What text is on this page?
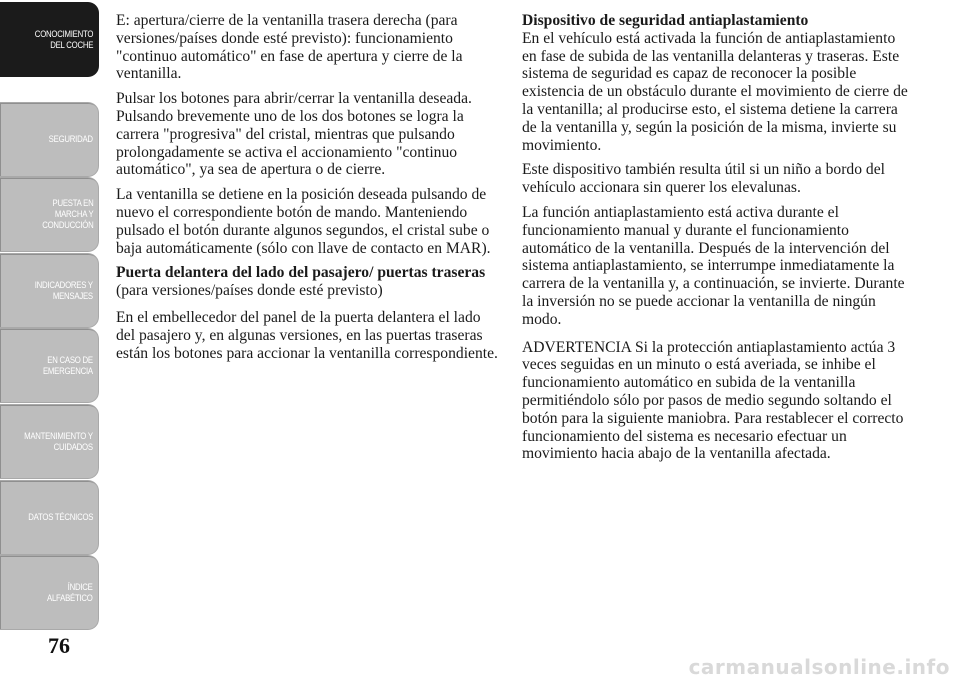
CONOCIMIENTO
DEL COCHE
SEGURIDAD
PUESTA EN
MARCHA Y
CONDUCCIÓN
INDICADORES Y
MENSAJES
EN CASO DE
EMERGENCIA
MANTENIMIENTO Y
CUIDADOS
DATOS TÉCNICOS
ÍNDICE
ALFABÉTICO
76

E: apertura/cierre de la ventanilla trasera derecha (para versiones/países donde esté previsto): funcionamiento "continuo automático" en fase de apertura y cierre de la ventanilla.

Pulsar los botones para abrir/cerrar la ventanilla deseada. Pulsando brevemente uno de los dos botones se logra la carrera "progresiva" del cristal, mientras que pulsando prolongadamente se activa el accionamiento "continuo automático", ya sea de apertura o de cierre.

La ventanilla se detiene en la posición deseada pulsando de nuevo el correspondiente botón de mando. Manteniendo pulsado el botón durante algunos segundos, el cristal sube o baja automáticamente (sólo con llave de contacto en MAR).

Puerta delantera del lado del pasajero/ puertas traseras

(para versiones/países donde esté previsto)

En el embellecedor del panel de la puerta delantera el lado del pasajero y, en algunas versiones, en las puertas traseras están los botones para accionar la ventanilla correspondiente.

Dispositivo de seguridad antiaplastamiento

En el vehículo está activada la función de antiaplastamiento en fase de subida de las ventanilla delanteras y traseras. Este sistema de seguridad es capaz de reconocer la posible existencia de un obstáculo durante el movimiento de cierre de la ventanilla; al producirse esto, el sistema detiene la carrera de la ventanilla y, según la posición de la misma, invierte su movimiento.

Este dispositivo también resulta útil si un niño a bordo del vehículo accionara sin querer los elevalunas.

La función antiaplastamiento está activa durante el funcionamiento manual y durante el funcionamiento automático de la ventanilla. Después de la intervención del sistema antiaplastamiento, se interrumpe inmediatamente la carrera de la ventanilla y, a continuación, se invierte. Durante la inversión no se puede accionar la ventanilla de ningún modo.

ADVERTENCIA Si la protección antiaplastamiento actúa 3 veces seguidas en un minuto o está averiada, se inhibe el funcionamiento automático en subida de la ventanilla permitiéndolo sólo por pasos de medio segundo soltando el botón para la siguiente maniobra. Para restablecer el correcto funcionamiento del sistema es necesario efectuar un movimiento hacia abajo de la ventanilla afectada.

carmanualsonline.info
